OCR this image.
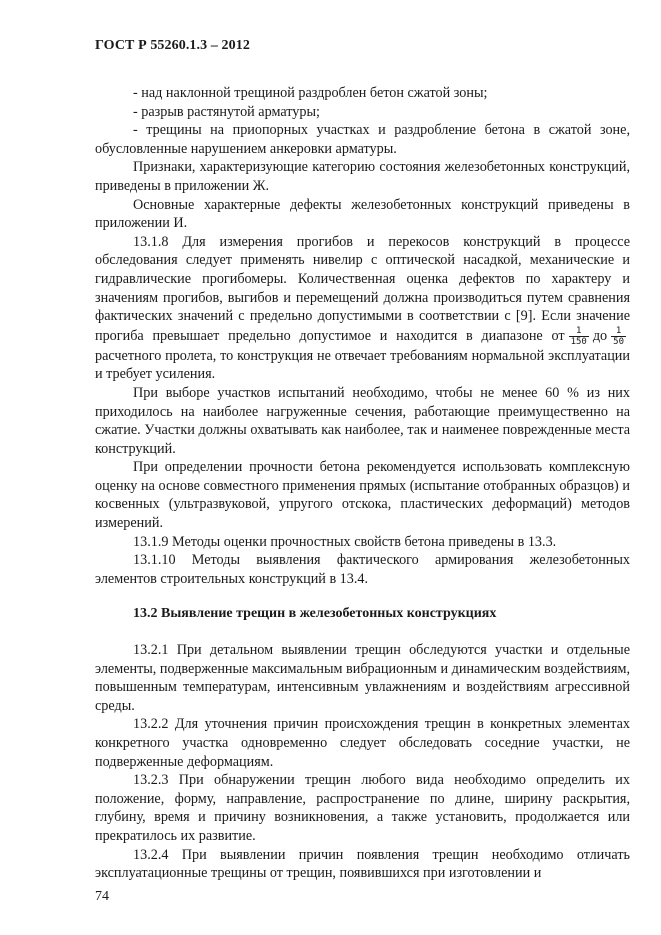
ГОСТ Р 55260.1.3 – 2012

- над наклонной трещиной раздроблен бетон сжатой зоны;

- разрыв растянутой арматуры;

- трещины на приопорных участках и раздробление бетона в сжатой зоне, обусловленные нарушением анкеровки арматуры.

Признаки, характеризующие категорию состояния железобетонных конструкций, приведены в приложении Ж.

Основные характерные дефекты железобетонных конструкций приведены в приложении И.

13.1.8 Для измерения прогибов и перекосов конструкций в процессе обследования следует применять нивелир с оптической насадкой, механические и гидравлические прогибомеры. Количественная оценка дефектов по характеру и значениям прогибов, выгибов и перемещений должна производиться путем сравнения фактических значений с предельно допустимыми в соответствии с [9]. Если значение прогиба превышает предельно допустимое и находится в диапазоне от $\frac{1}{150}$ до $\frac{1}{50}$
расчетного пролета, то конструкция не отвечает требованиям нормальной эксплуатации и требует усиления.

При выборе участков испытаний необходимо, чтобы не менее 60 % из них приходилось на наиболее нагруженные сечения, работающие преимущественно на сжатие. Участки должны охватывать как наиболее, так и наименее поврежденные места конструкций.

При определении прочности бетона рекомендуется использовать комплексную оценку на основе совместного применения прямых (испытание отобранных образцов) и косвенных (ультразвуковой, упругого отскока, пластических деформаций) методов измерений.

13.1.9 Методы оценки прочностных свойств бетона приведены в 13.3.

13.1.10 Методы выявления фактического армирования железобетонных элементов строительных конструкций в 13.4.

13.2 Выявление трещин в железобетонных конструкциях

13.2.1 При детальном выявлении трещин обследуются участки и отдельные элементы, подверженные максимальным вибрационным и динамическим воздействиям, повышенным температурам, интенсивным увлажнениям и воздействиям агрессивной среды.

13.2.2 Для уточнения причин происхождения трещин в конкретных элементах конкретного участка одновременно следует обследовать соседние участки, не подверженные деформациям.

13.2.3 При обнаружении трещин любого вида необходимо определить их положение, форму, направление, распространение по длине, ширину раскрытия, глубину, время и причину возникновения, а также установить, продолжается или прекратилось их развитие.

13.2.4 При выявлении причин появления трещин необходимо отличать эксплуатационные трещины от трещин, появившихся при изготовлении и

74
